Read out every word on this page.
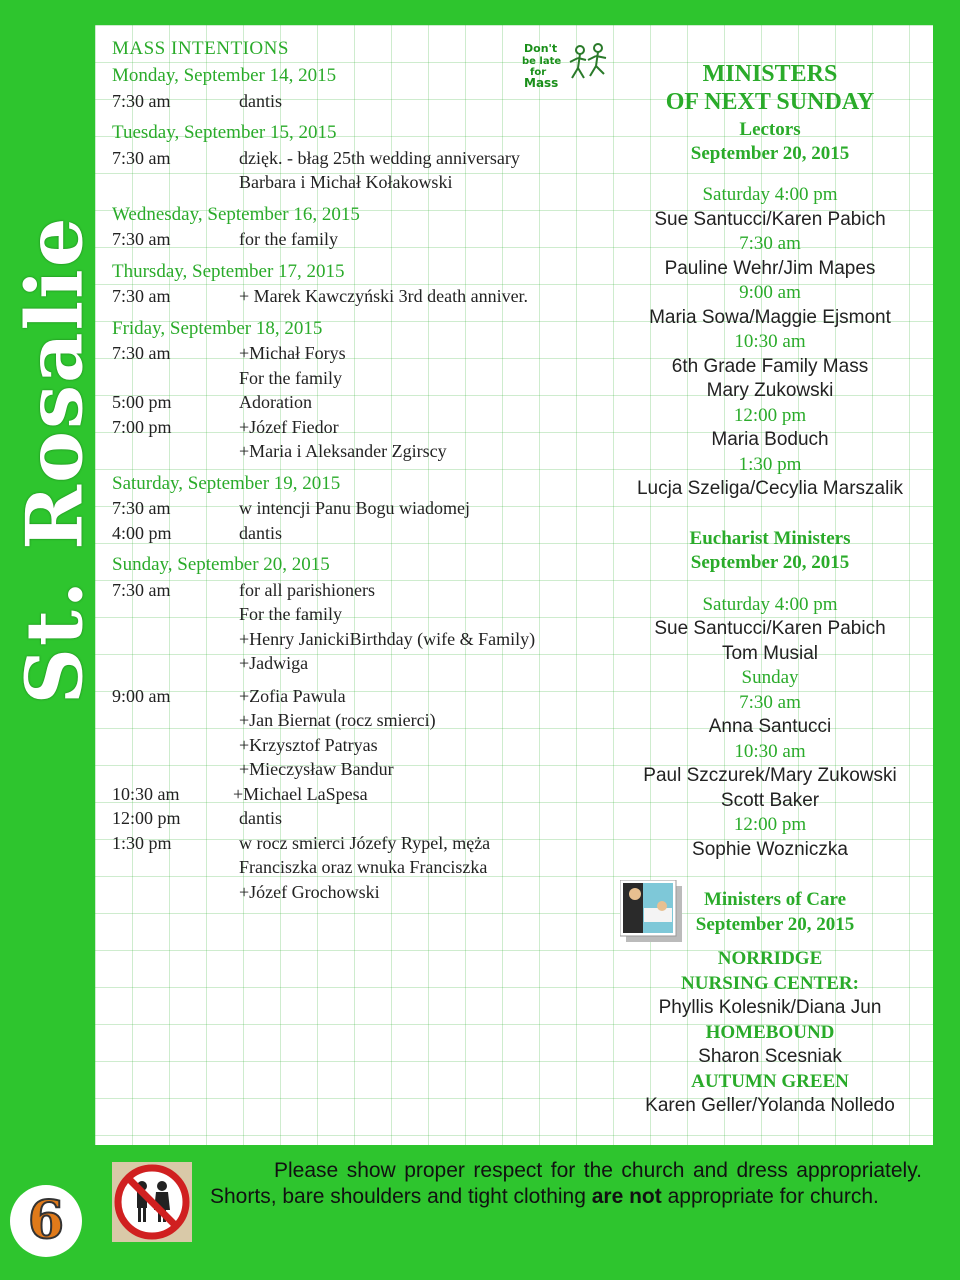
St. Rosalie
6
Don't
be late
for
Mass
MASS INTENTIONS
Monday, September 14, 2015
7:30 am	dantis
Tuesday, September 15, 2015
7:30 am	dzięk. - błag 25th wedding anniversary
Barbara i Michał Kołakowski
Wednesday, September 16, 2015
7:30 am	for the family
Thursday, September 17, 2015
7:30 am	+ Marek Kawczyński 3rd death anniver.
Friday, September 18, 2015
7:30 am	+Michał Forys
For the family
5:00 pm	Adoration
7:00 pm	+Józef Fiedor
+Maria i Aleksander Zgirscy
Saturday, September 19, 2015
7:30 am	w intencji Panu Bogu wiadomej
4:00 pm	dantis
Sunday, September 20, 2015
7:30 am	for all parishioners
For the family
+Henry JanickiBirthday (wife & Family)
+Jadwiga
9:00 am	+Zofia Pawula
+Jan Biernat (rocz smierci)
+Krzysztof Patryas
+Mieczysław Bandur
10:30 am	+Michael LaSpesa
12:00 pm	dantis
1:30 pm	w rocz smierci Józefy Rypel, męża
Franciszka oraz wnuka Franciszka
+Józef Grochowski
MINISTERS
OF NEXT SUNDAY
Lectors
September 20, 2015
Saturday 4:00 pm
Sue Santucci/Karen Pabich
7:30 am
Pauline Wehr/Jim Mapes
9:00 am
Maria Sowa/Maggie Ejsmont
10:30 am
6th Grade Family Mass
Mary Zukowski
12:00 pm
Maria Boduch
1:30 pm
Lucja Szeliga/Cecylia Marszalik
Eucharist Ministers
September 20, 2015
Saturday 4:00 pm
Sue Santucci/Karen Pabich
Tom Musial
Sunday
7:30 am
Anna Santucci
10:30 am
Paul Szczurek/Mary Zukowski
Scott Baker
12:00 pm
Sophie Wozniczka
Ministers of Care
September 20, 2015
NORRIDGE
NURSING CENTER:
Phyllis Kolesnik/Diana Jun
HOMEBOUND
Sharon Scesniak
AUTUMN GREEN
Karen Geller/Yolanda Nolledo
Please show proper respect for the church and dress appropriately. Shorts, bare shoulders and tight clothing are not appropriate for church.
